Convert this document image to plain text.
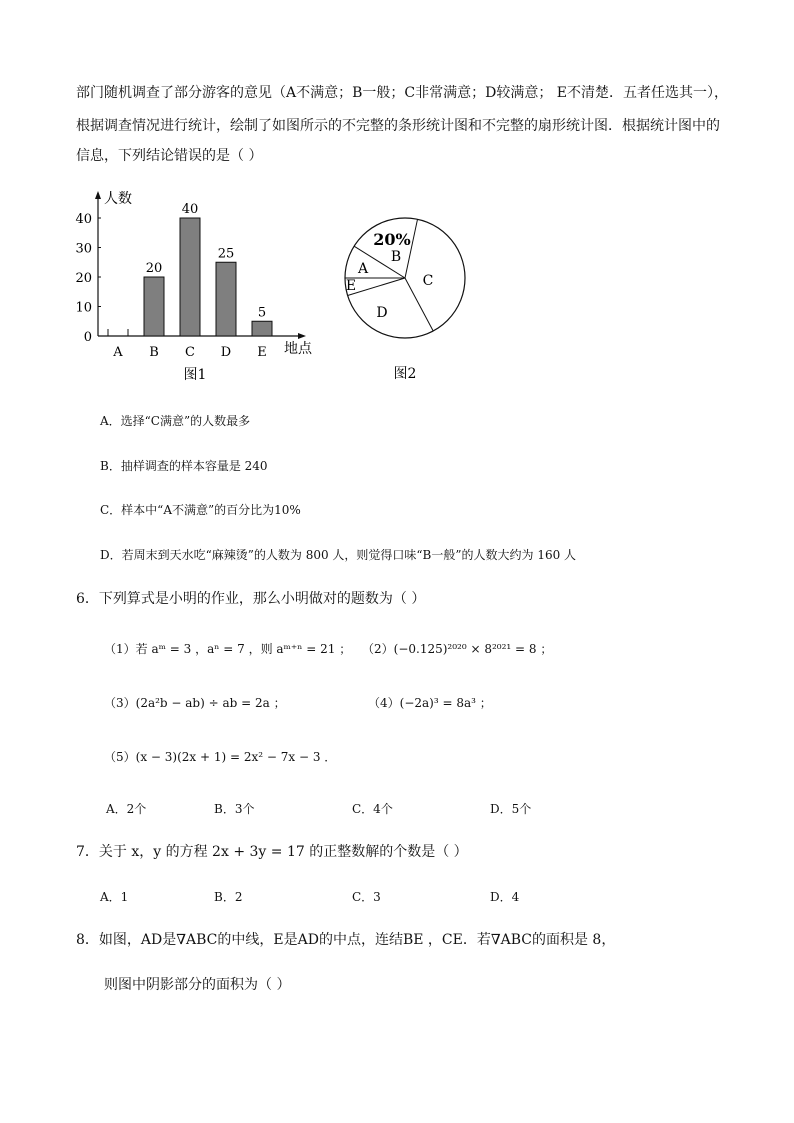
部门随机调查了部分游客的意见（A不满意；B一般；C非常满意；D较满意； E不清楚．五者任选其一），
根据调查情况进行统计，绘制了如图所示的不完整的条形统计图和不完整的扇形统计图．根据统计图中的
信息，下列结论错误的是（ ）
人数
地点
0
10
20
30
40
A B
20
C
40
D
25
E
5
图1
20%
B
C
A
E
D
图2
A．选择“C满意”的人数最多
B．抽样调查的样本容量是 240
C．样本中“A不满意”的百分比为10%
D．若周末到天水吃“麻辣烫”的人数为 800 人，则觉得口味“B一般”的人数大约为 160 人
6．下列算式是小明的作业，那么小明做对的题数为（ ）
（1）若 aᵐ = 3 ，aⁿ = 7 ，则 aᵐ⁺ⁿ = 21 ； （2）(−0.125)²⁰²⁰ × 8²⁰²¹ = 8 ；
（3）(2a²b − ab) ÷ ab = 2a ；	（4）(−2a)³ = 8a³ ；
（5）(x − 3)(2x + 1) = 2x² − 7x − 3 ．
A．2个	B．3个	C．4个	D．5个
7．关于 x，y 的方程 2x + 3y = 17 的正整数解的个数是（ ）
A．1	B．2	C．3	D．4
8．如图，AD是∇ABC的中线，E是AD的中点，连结BE ，CE．若∇ABC的面积是 8，
则图中阴影部分的面积为（ ）
